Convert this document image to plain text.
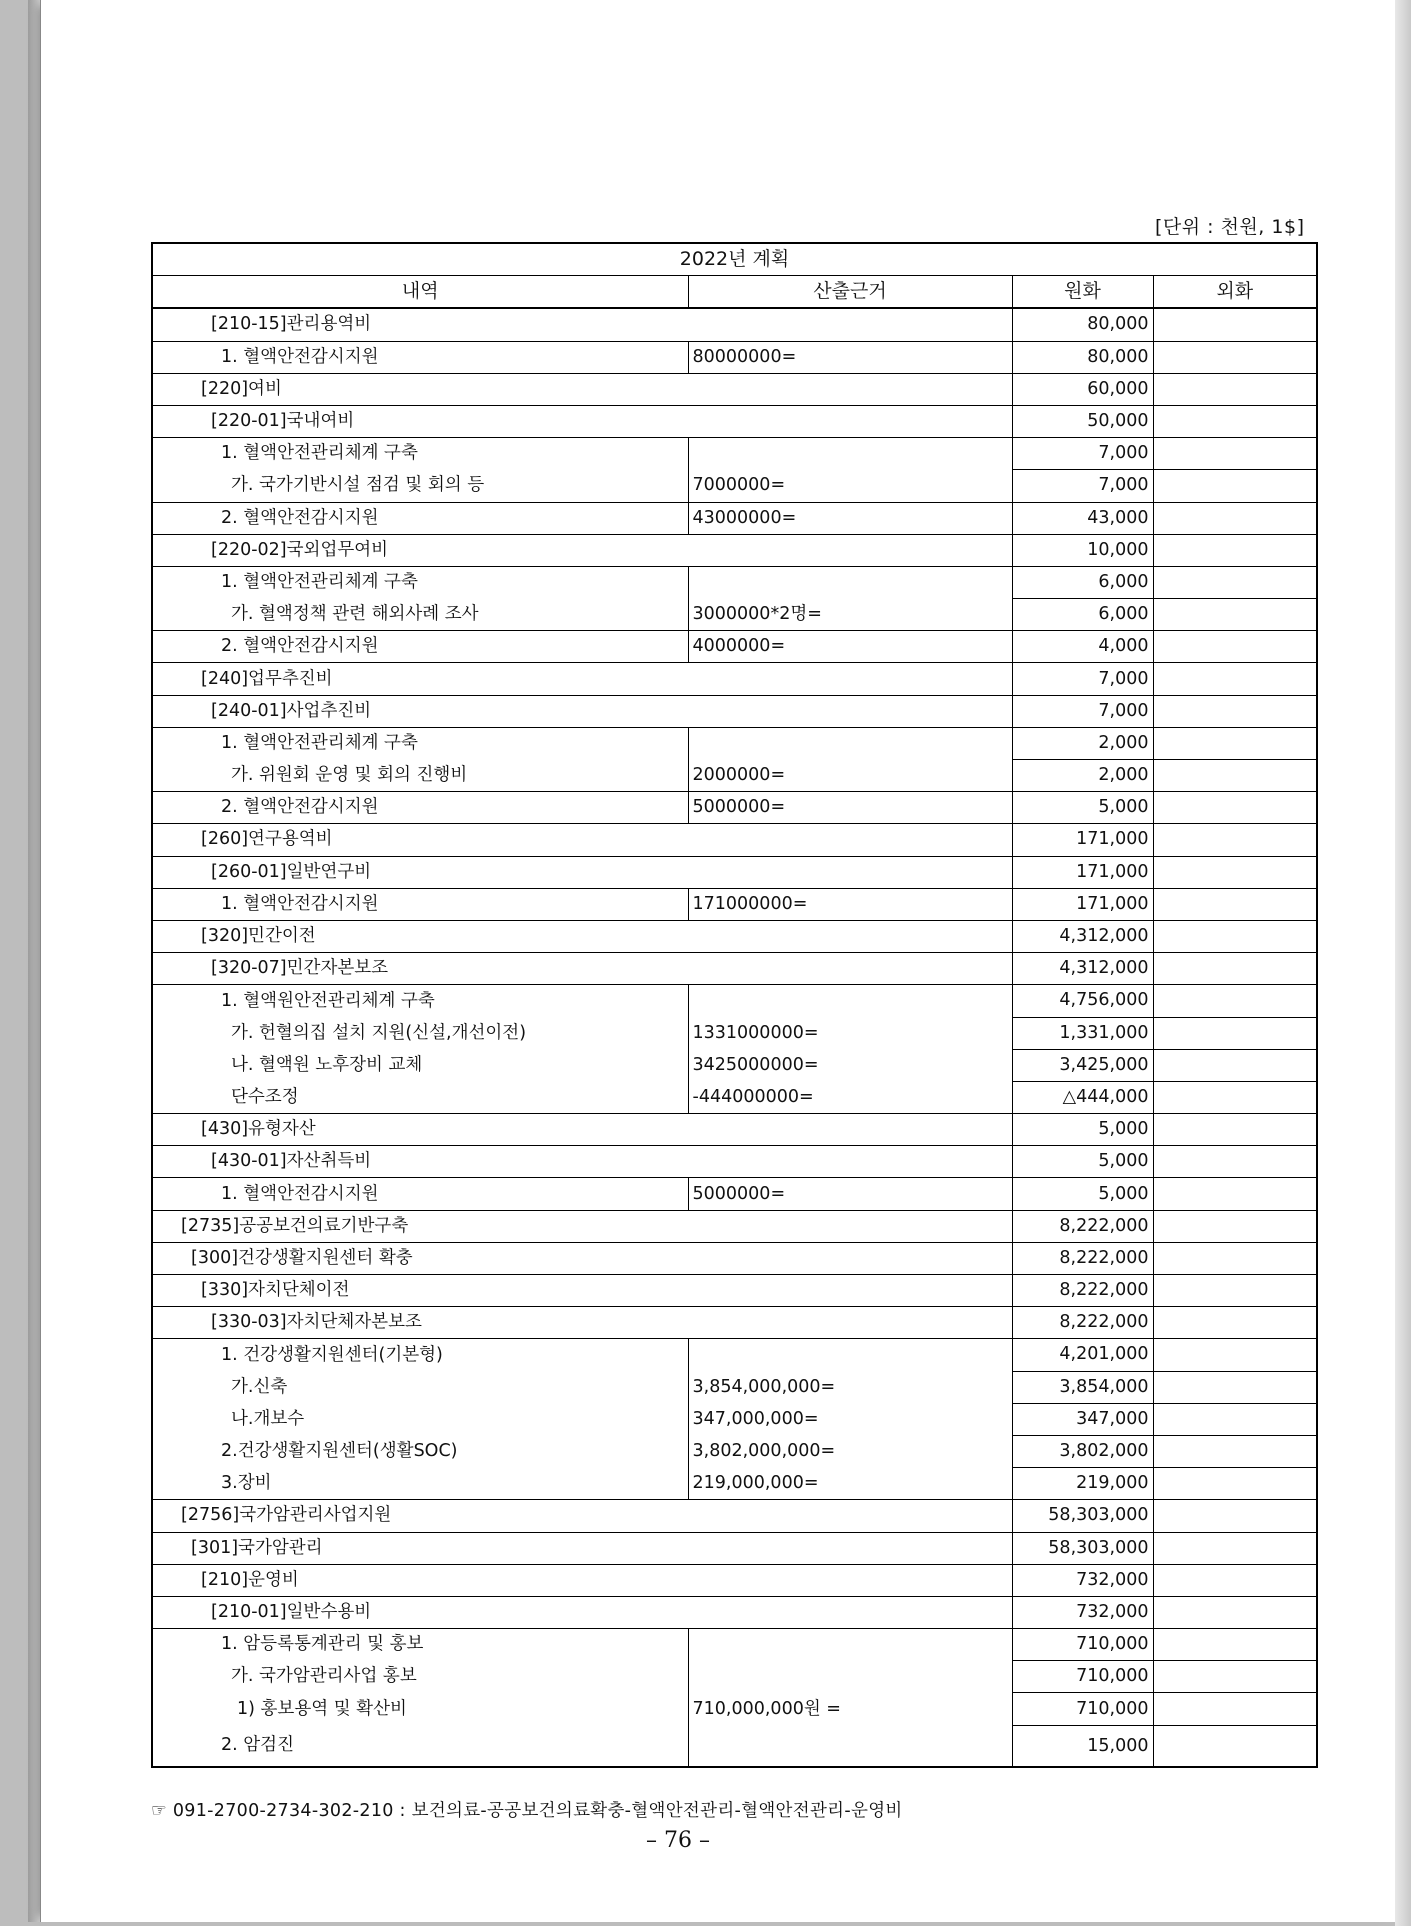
[단위 : 천원, 1$]
2022년 계획			
내역	산출근거	원화	외화
[210-15]관리용역비		80,000	
1. 혈액안전감시지원	80000000=	80,000	
[220]여비		60,000	
[220-01]국내여비		50,000	
1. 혈액안전관리체계 구축		7,000	
가. 국가기반시설 점검 및 회의 등	7000000=	7,000	
2. 혈액안전감시지원	43000000=	43,000	
[220-02]국외업무여비		10,000	
1. 혈액안전관리체계 구축		6,000	
가. 혈액정책 관련 해외사례 조사	3000000*2명=	6,000	
2. 혈액안전감시지원	4000000=	4,000	
[240]업무추진비		7,000	
[240-01]사업추진비		7,000	
1. 혈액안전관리체계 구축		2,000	
가. 위원회 운영 및 회의 진행비	2000000=	2,000	
2. 혈액안전감시지원	5000000=	5,000	
[260]연구용역비		171,000	
[260-01]일반연구비		171,000	
1. 혈액안전감시지원	171000000=	171,000	
[320]민간이전		4,312,000	
[320-07]민간자본보조		4,312,000	
1. 혈액원안전관리체계 구축		4,756,000	
가. 헌혈의집 설치 지원(신설,개선이전)	1331000000=	1,331,000	
나. 혈액원 노후장비 교체	3425000000=	3,425,000	
단수조정	-444000000=	△444,000	
[430]유형자산		5,000	
[430-01]자산취득비		5,000	
1. 혈액안전감시지원	5000000=	5,000	
[2735]공공보건의료기반구축		8,222,000	
[300]건강생활지원센터 확충		8,222,000	
[330]자치단체이전		8,222,000	
[330-03]자치단체자본보조		8,222,000	
1. 건강생활지원센터(기본형)		4,201,000	
가.신축	3,854,000,000=	3,854,000	
나.개보수	347,000,000=	347,000	
2.건강생활지원센터(생활SOC)	3,802,000,000=	3,802,000	
3.장비	219,000,000=	219,000	
[2756]국가암관리사업지원		58,303,000	
[301]국가암관리		58,303,000	
[210]운영비		732,000	
[210-01]일반수용비		732,000	
1. 암등록통계관리 및 홍보		710,000	
가. 국가암관리사업 홍보		710,000	
1) 홍보용역 및 확산비	710,000,000원 =	710,000	
2. 암검진		15,000	
☞ 091-2700-2734-302-210 : 보건의료-공공보건의료확충-혈액안전관리-혈액안전관리-운영비
– 76 –
